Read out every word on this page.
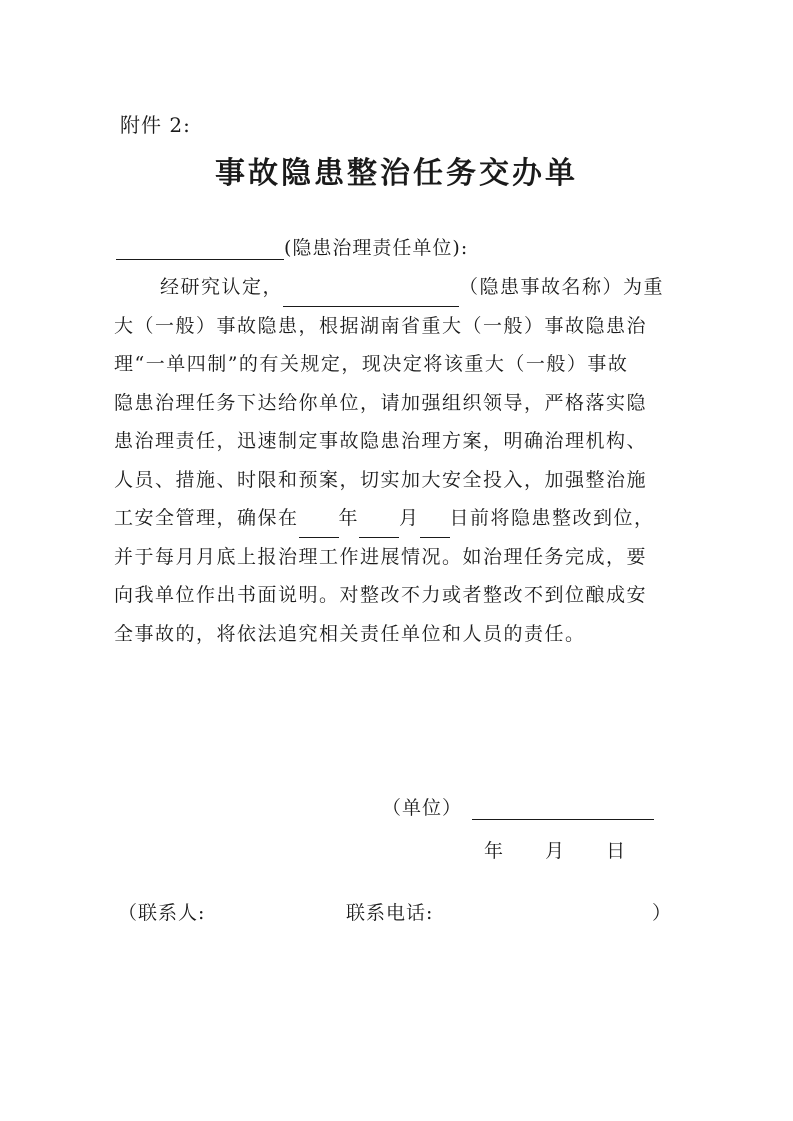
附件 2:
事故隐患整治任务交办单
(隐患治理责任单位):
经研究认定，	（隐患事故名称）为重
大（一般）事故隐患，根据湖南省重大（一般）事故隐患治
理“一单四制”的有关规定，现决定将该重大（一般）事故
隐患治理任务下达给你单位，请加强组织领导，严格落实隐
患治理责任，迅速制定事故隐患治理方案，明确治理机构、
人员、措施、时限和预案，切实加大安全投入，加强整治施
工安全管理，确保在 年 月 日前将隐患整改到位，
并于每月月底上报治理工作进展情况。如治理任务完成，要
向我单位作出书面说明。对整改不力或者整改不到位酿成安
全事故的，将依法追究相关责任单位和人员的责任。
（单位）
年 月 日
（联系人:	联系电话:	）
